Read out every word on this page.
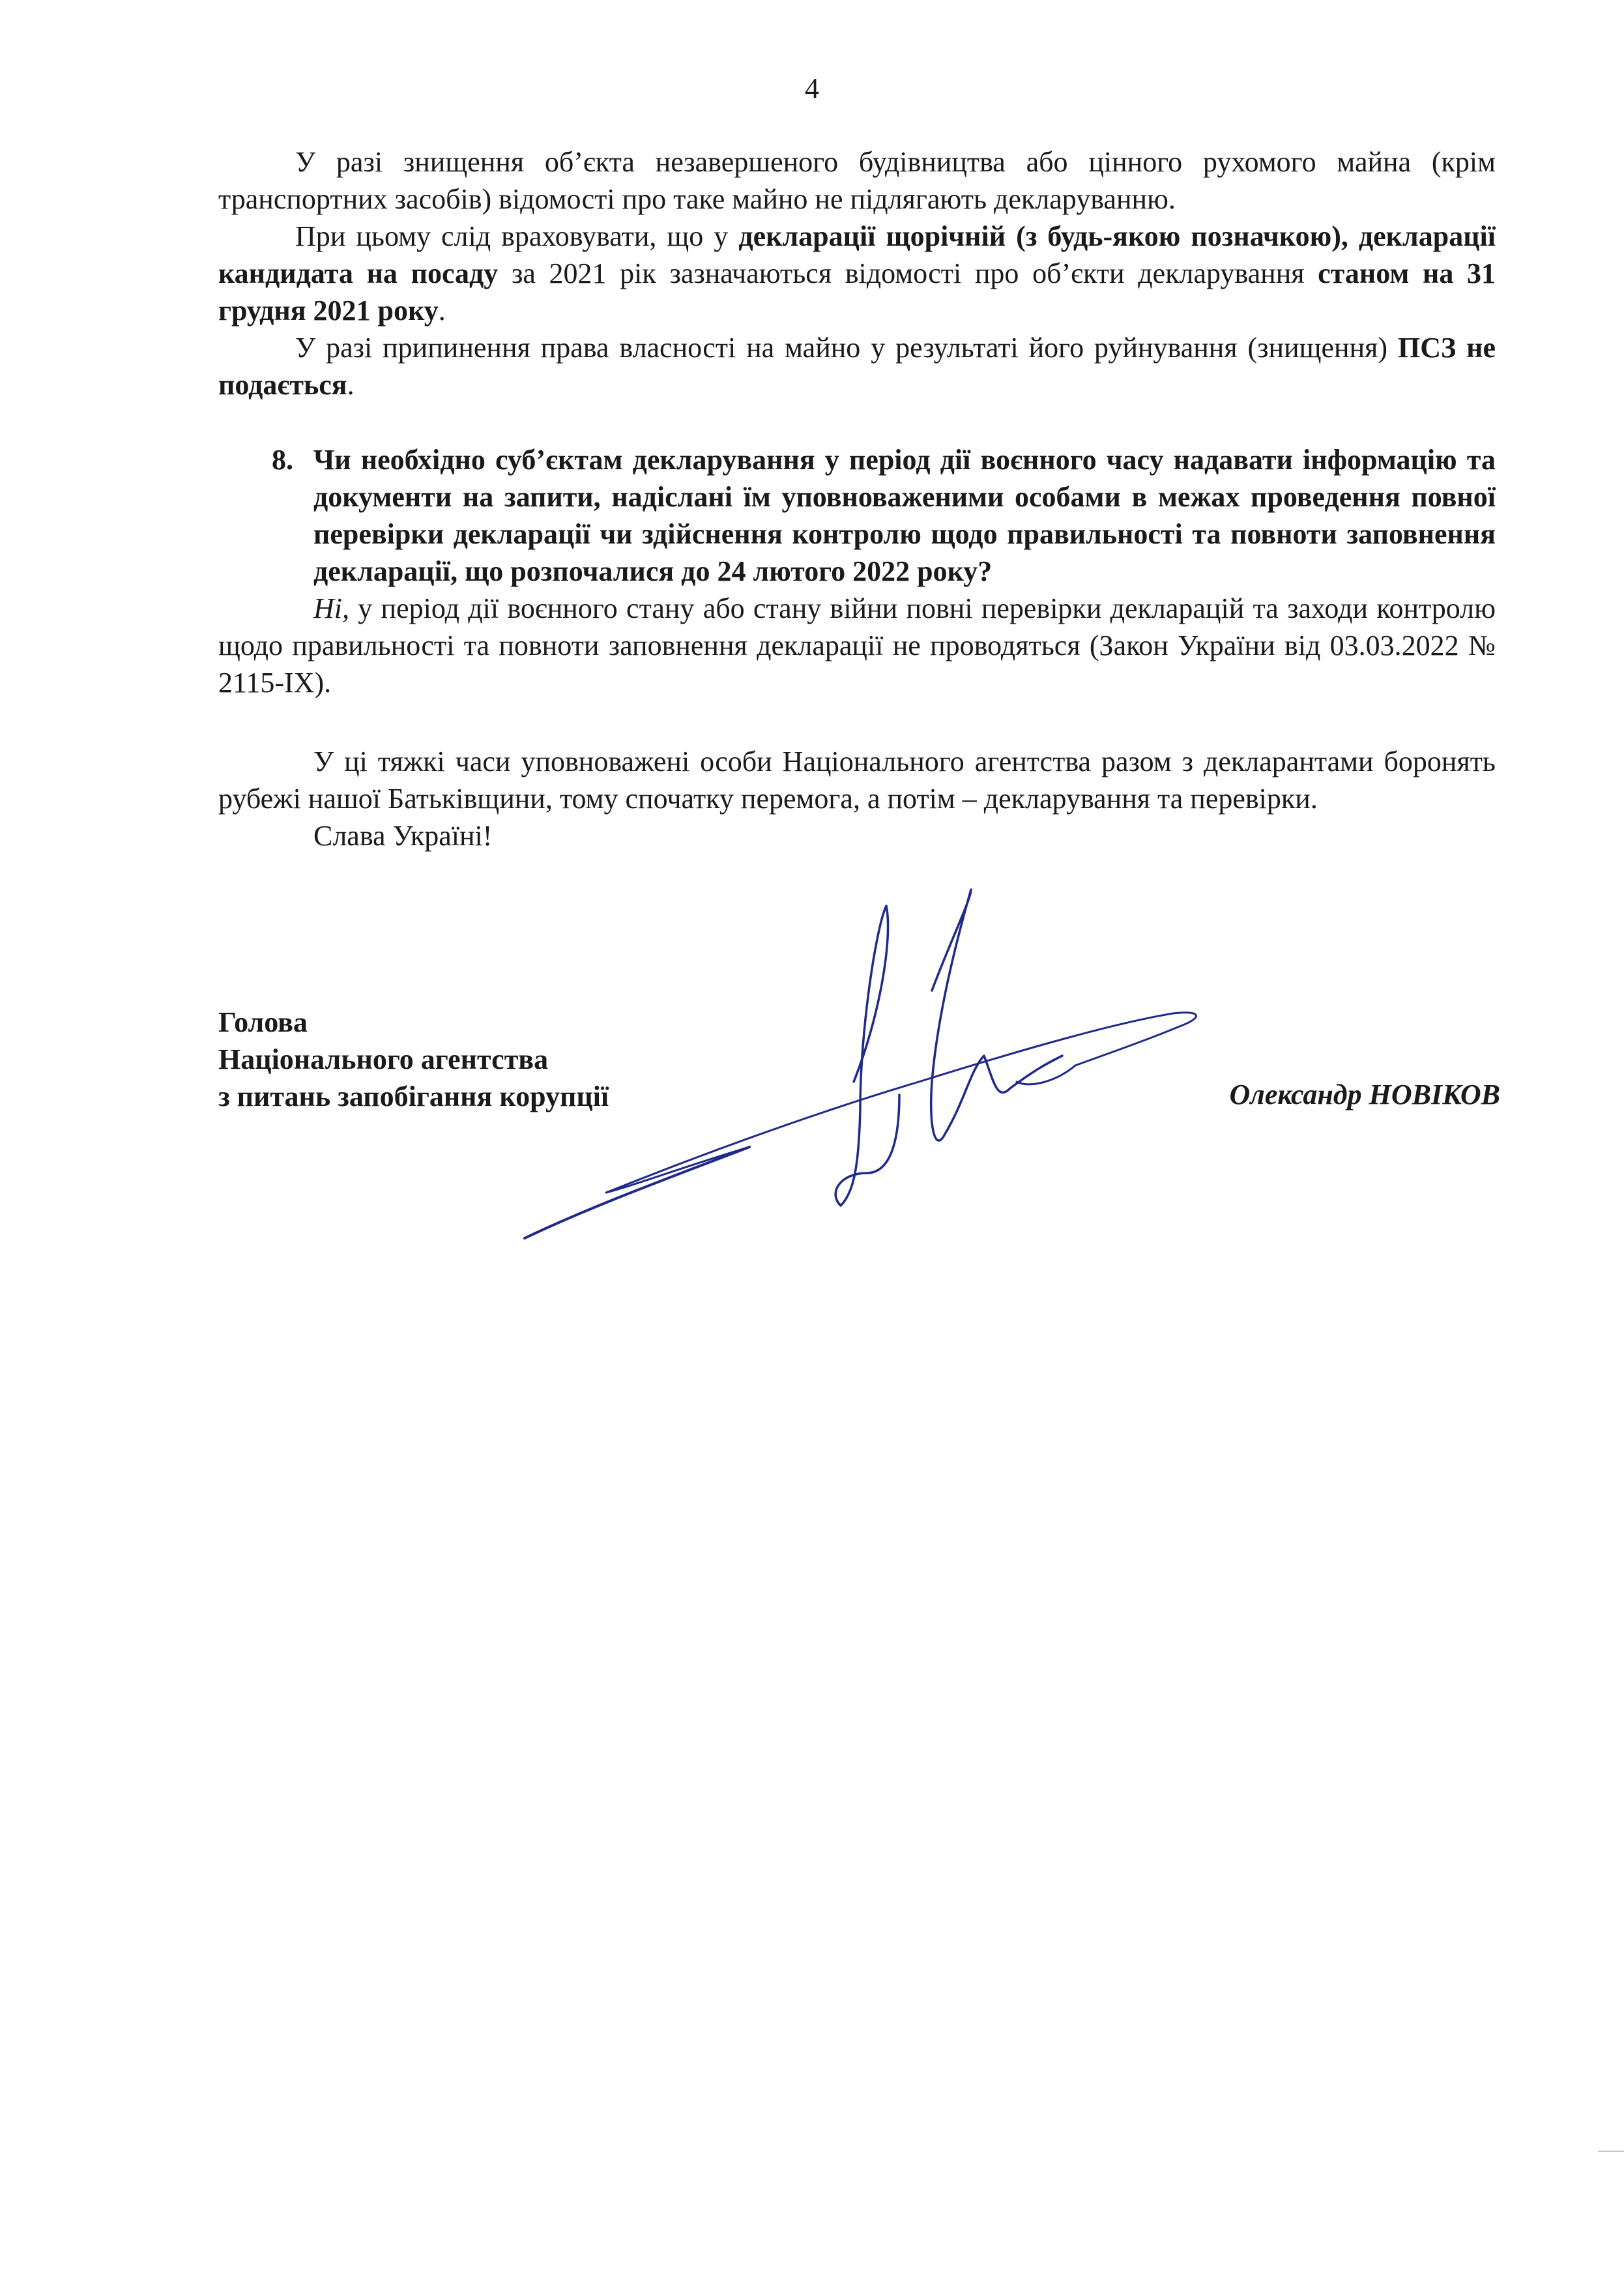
4

У разі знищення об’єкта незавершеного будівництва або цінного рухомого майна (крім транспортних засобів) відомості про таке майно не підлягають декларуванню.

При цьому слід враховувати, що у декларації щорічній (з будь-якою позначкою), декларації кандидата на посаду за 2021 рік зазначаються відомості про об’єкти декларування станом на 31 грудня 2021 року.

У разі припинення права власності на майно у результаті його руйнування (знищення) ПСЗ не подається.

8. Чи необхідно суб’єктам декларування у період дії воєнного часу надавати інформацію та документи на запити, надіслані їм уповноваженими особами в межах проведення повної перевірки декларації чи здійснення контролю щодо правильності та повноти заповнення декларації, що розпочалися до 24 лютого 2022 року?

Ні, у період дії воєнного стану або стану війни повні перевірки декларацій та заходи контролю щодо правильності та повноти заповнення декларації не проводяться (Закон України від 03.03.2022 № 2115-IX).

У ці тяжкі часи уповноважені особи Національного агентства разом з декларантами боронять рубежі нашої Батьківщини, тому спочатку перемога, а потім – декларування та перевірки.

Слава Україні!

Голова
Національного агентства
з питань запобігання корупції	Олександр НОВІКОВ
